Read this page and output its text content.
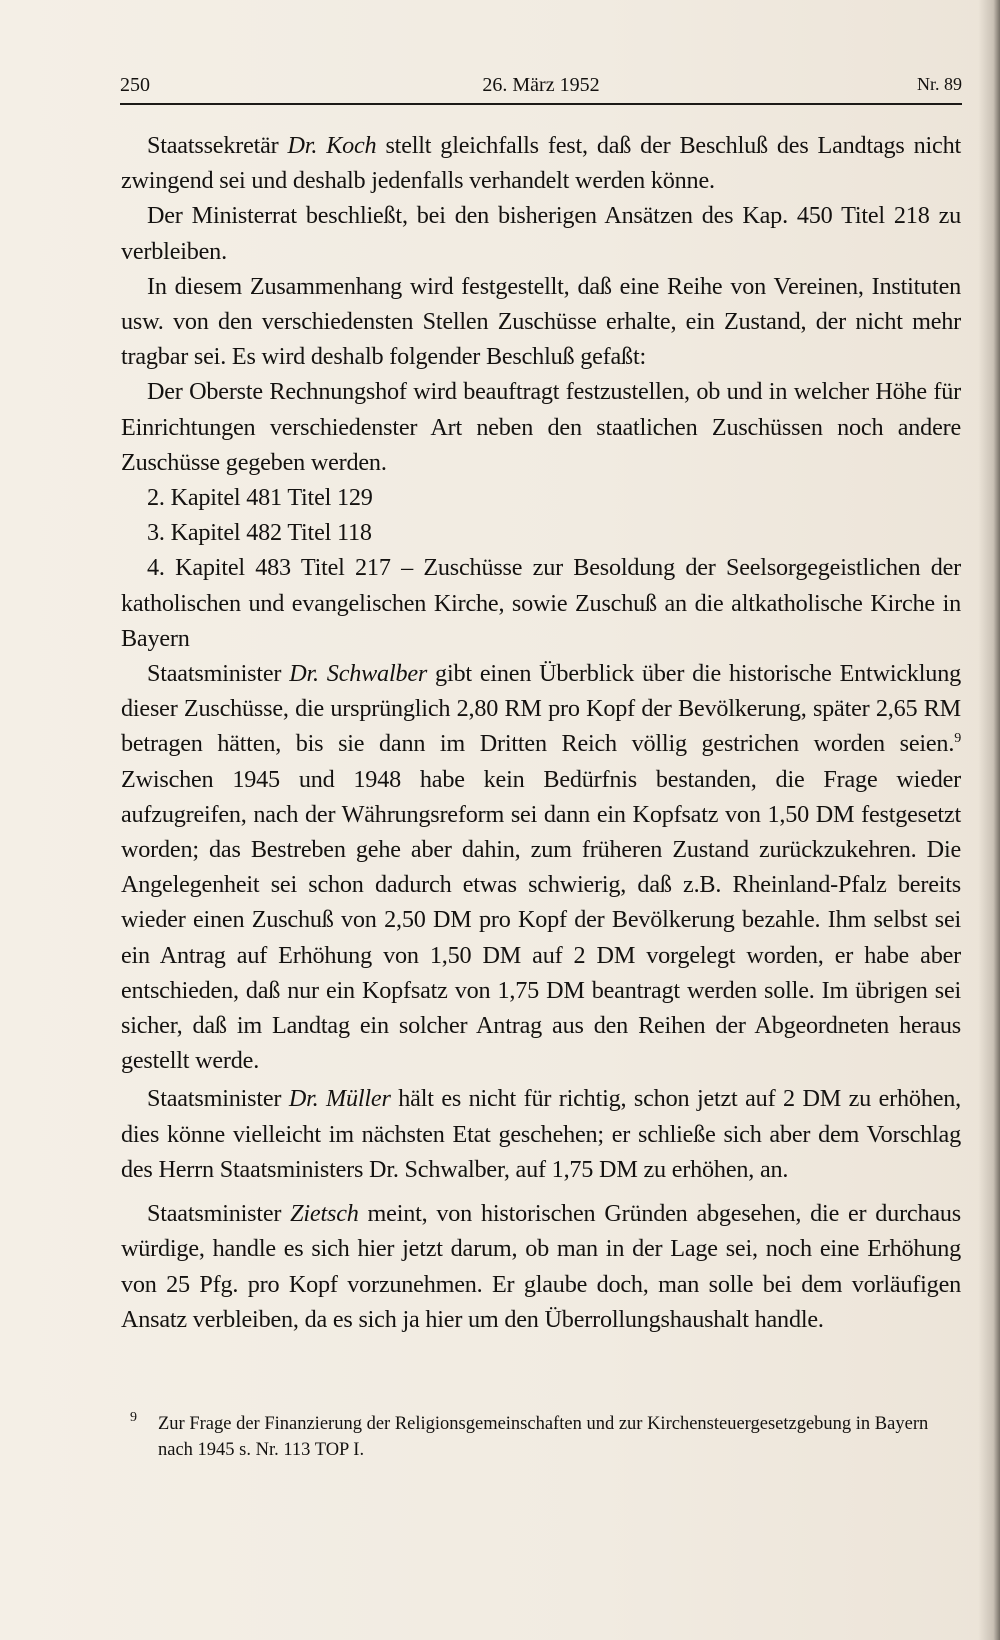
250	26. März 1952	Nr. 89

Staatssekretär Dr. Koch stellt gleichfalls fest, daß der Beschluß des Landtags nicht zwingend sei und deshalb jedenfalls verhandelt werden könne.

Der Ministerrat beschließt, bei den bisherigen Ansätzen des Kap. 450 Titel 218 zu verbleiben.

In diesem Zusammenhang wird festgestellt, daß eine Reihe von Vereinen, Instituten usw. von den verschiedensten Stellen Zuschüsse erhalte, ein Zustand, der nicht mehr tragbar sei. Es wird deshalb folgender Beschluß gefaßt:

Der Oberste Rechnungshof wird beauftragt festzustellen, ob und in welcher Höhe für Einrichtungen verschiedenster Art neben den staatlichen Zuschüssen noch andere Zuschüsse gegeben werden.

2. Kapitel 481 Titel 129

3. Kapitel 482 Titel 118

4. Kapitel 483 Titel 217 – Zuschüsse zur Besoldung der Seelsorgegeistlichen der katholischen und evangelischen Kirche, sowie Zuschuß an die altkatholische Kirche in Bayern

Staatsminister Dr. Schwalber gibt einen Überblick über die historische Entwicklung dieser Zuschüsse, die ursprünglich 2,80 RM pro Kopf der Bevölkerung, später 2,65 RM betragen hätten, bis sie dann im Dritten Reich völlig gestrichen worden seien.$^9$ Zwischen 1945 und 1948 habe kein Bedürfnis bestanden, die Frage wieder aufzugreifen, nach der Währungsreform sei dann ein Kopfsatz von 1,50 DM festgesetzt worden; das Bestreben gehe aber dahin, zum früheren Zustand zurückzukehren. Die Angelegenheit sei schon dadurch etwas schwierig, daß z.B. Rheinland-Pfalz bereits wieder einen Zuschuß von 2,50 DM pro Kopf der Bevölkerung bezahle. Ihm selbst sei ein Antrag auf Erhöhung von 1,50 DM auf 2 DM vorgelegt worden, er habe aber entschieden, daß nur ein Kopfsatz von 1,75 DM beantragt werden solle. Im übrigen sei sicher, daß im Landtag ein solcher Antrag aus den Reihen der Abgeordneten heraus gestellt werde.

Staatsminister Dr. Müller hält es nicht für richtig, schon jetzt auf 2 DM zu erhöhen, dies könne vielleicht im nächsten Etat geschehen; er schließe sich aber dem Vorschlag des Herrn Staatsministers Dr. Schwalber, auf 1,75 DM zu erhöhen, an.

Staatsminister Zietsch meint, von historischen Gründen abgesehen, die er durchaus würdige, handle es sich hier jetzt darum, ob man in der Lage sei, noch eine Erhöhung von 25 Pfg. pro Kopf vorzunehmen. Er glaube doch, man solle bei dem vorläufigen Ansatz verbleiben, da es sich ja hier um den Überrollungshaushalt handle.

9 Zur Frage der Finanzierung der Religionsgemeinschaften und zur Kirchensteuergesetzgebung in Bayern nach 1945 s. Nr. 113 TOP I.
